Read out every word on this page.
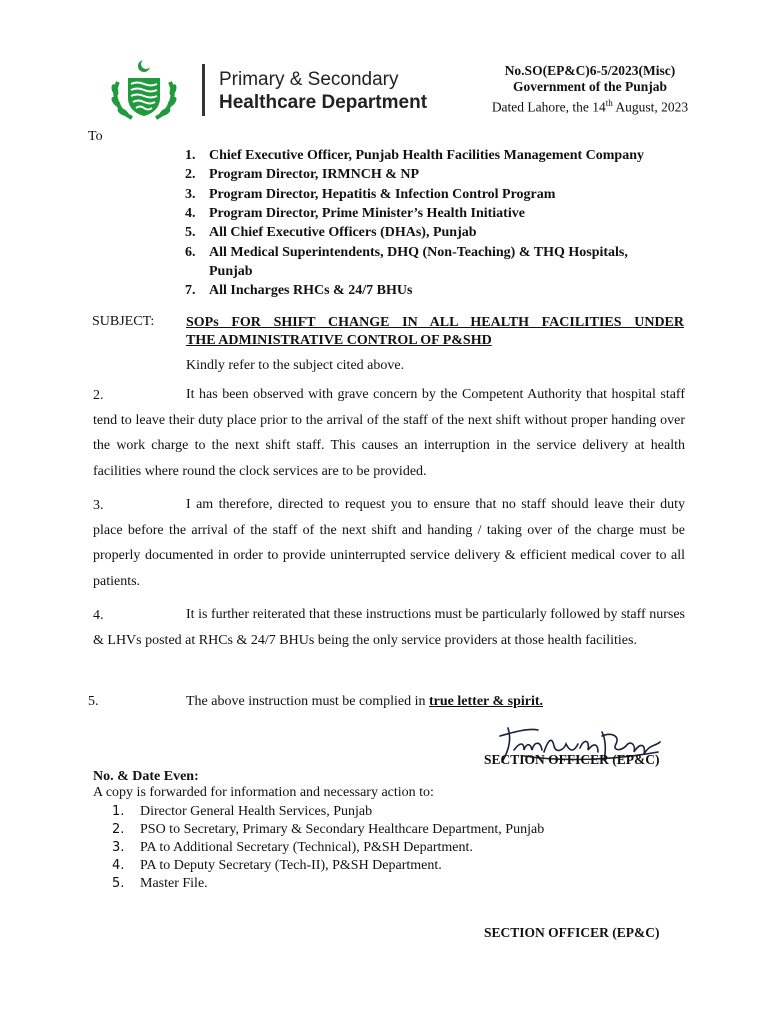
Primary & Secondary
Healthcare Department
No.SO(EP&C)6-5/2023(Misc)
Government of the Punjab
Dated Lahore, the 14th August, 2023
To
1. Chief Executive Officer, Punjab Health Facilities Management Company
2. Program Director, IRMNCH & NP
3. Program Director, Hepatitis & Infection Control Program
4. Program Director, Prime Minister’s Health Initiative
5. All Chief Executive Officers (DHAs), Punjab
6. All Medical Superintendents, DHQ (Non-Teaching) & THQ Hospitals,
Punjab
7. All Incharges RHCs & 24/7 BHUs
SUBJECT: SOPs FOR SHIFT CHANGE IN ALL HEALTH FACILITIES UNDER
THE ADMINISTRATIVE CONTROL OF P&SHD
Kindly refer to the subject cited above.
2.	It has been observed with grave concern by the Competent Authority that hospital staff tend to leave their duty place prior to the arrival of the staff of the next shift without proper handing over the work charge to the next shift staff. This causes an interruption in the service delivery at health facilities where round the clock services are to be provided.
3.	I am therefore, directed to request you to ensure that no staff should leave their duty place before the arrival of the staff of the next shift and handing / taking over of the charge must be properly documented in order to provide uninterrupted service delivery & efficient medical cover to all patients.
4.	It is further reiterated that these instructions must be particularly followed by staff nurses & LHVs posted at RHCs & 24/7 BHUs being the only service providers at those health facilities.
5.	The above instruction must be complied in true letter & spirit.
SECTION OFFICER (EP&C)
No. & Date Even:
A copy is forwarded for information and necessary action to:
1. Director General Health Services, Punjab
2. PSO to Secretary, Primary & Secondary Healthcare Department, Punjab
3. PA to Additional Secretary (Technical), P&SH Department.
4. PA to Deputy Secretary (Tech-II), P&SH Department.
5. Master File.
SECTION OFFICER (EP&C)
